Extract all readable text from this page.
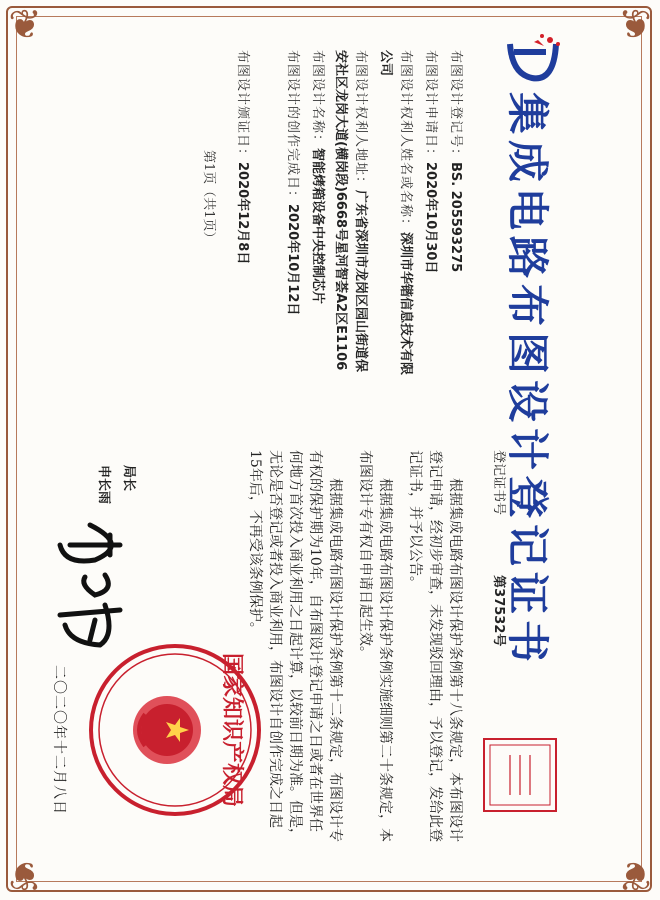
❦	❦
❦	❦
集成电路布图设计登记证书
布图设计登记号：BS. 205593275
布图设计申请日：2020年10月30日
布图设计权利人姓名或名称：深圳市华锴信息技术有限公司
布图设计权利人地址：广东省深圳市龙岗区园山街道保安社区龙岗大道(横岗段)6668号星河智荟A2区E1106
布图设计名称：智能烤箱设备中央控制芯片
布图设计的创作完成日：2020年10月12日
布图设计颁证日：2020年12月8日
第1页（共1页）
登记证书号 第37532号
根据集成电路布图设计保护条例第十八条规定，本布图设计登记申请，经初步审查，未发现驳回理由，予以登记，发给此登记证书，并予以公告。
根据集成电路布图设计保护条例实施细则第二十条规定，本布图设计专有权自申请日起生效。
根据集成电路布图设计保护条例第十二条规定，布图设计专有权的保护期为10年，自布图设计登记申请之日或者在世界任何地方首次投入商业利用之日起计算，以较前日期为准。但是，无论是否登记或者投入商业利用，布图设计自创作完成之日起15年后，不再受该条例保护。
局长
申长雨
二〇二〇年十二月八日	国家知识产权局
